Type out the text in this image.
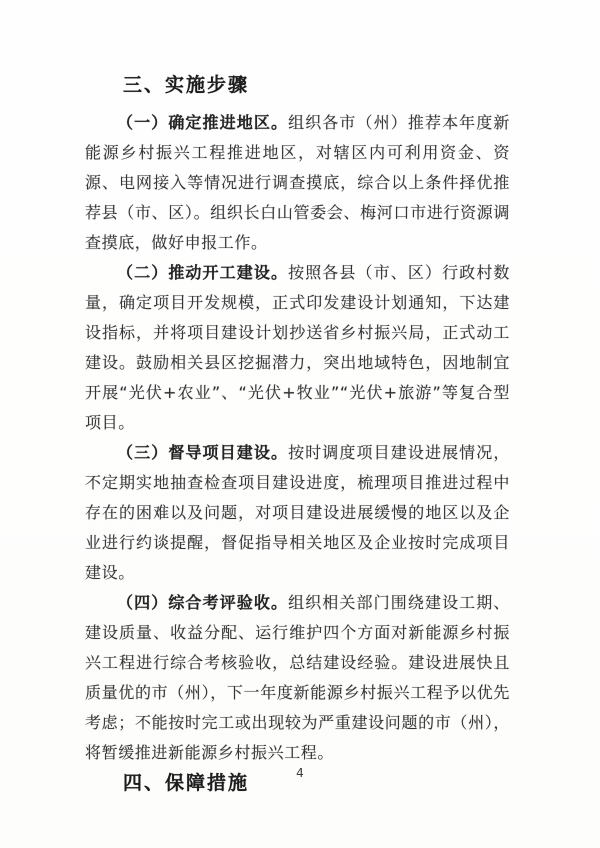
三、实施步骤

（一）确定推进地区。组织各市（州）推荐本年度新能源乡村振兴工程推进地区，对辖区内可利用资金、资源、电网接入等情况进行调查摸底，综合以上条件择优推荐县（市、区）。组织长白山管委会、梅河口市进行资源调查摸底，做好申报工作。

（二）推动开工建设。按照各县（市、区）行政村数量，确定项目开发规模，正式印发建设计划通知，下达建设指标，并将项目建设计划抄送省乡村振兴局，正式动工建设。鼓励相关县区挖掘潜力，突出地域特色，因地制宜开展“光伏+农业”、“光伏+牧业”“光伏+旅游”等复合型项目。

（三）督导项目建设。按时调度项目建设进展情况，不定期实地抽查检查项目建设进度，梳理项目推进过程中存在的困难以及问题，对项目建设进展缓慢的地区以及企业进行约谈提醒，督促指导相关地区及企业按时完成项目建设。

（四）综合考评验收。组织相关部门围绕建设工期、建设质量、收益分配、运行维护四个方面对新能源乡村振兴工程进行综合考核验收，总结建设经验。建设进展快且质量优的市（州），下一年度新能源乡村振兴工程予以优先考虑；不能按时完工或出现较为严重建设问题的市（州），将暂缓推进新能源乡村振兴工程。

四、保障措施	4
